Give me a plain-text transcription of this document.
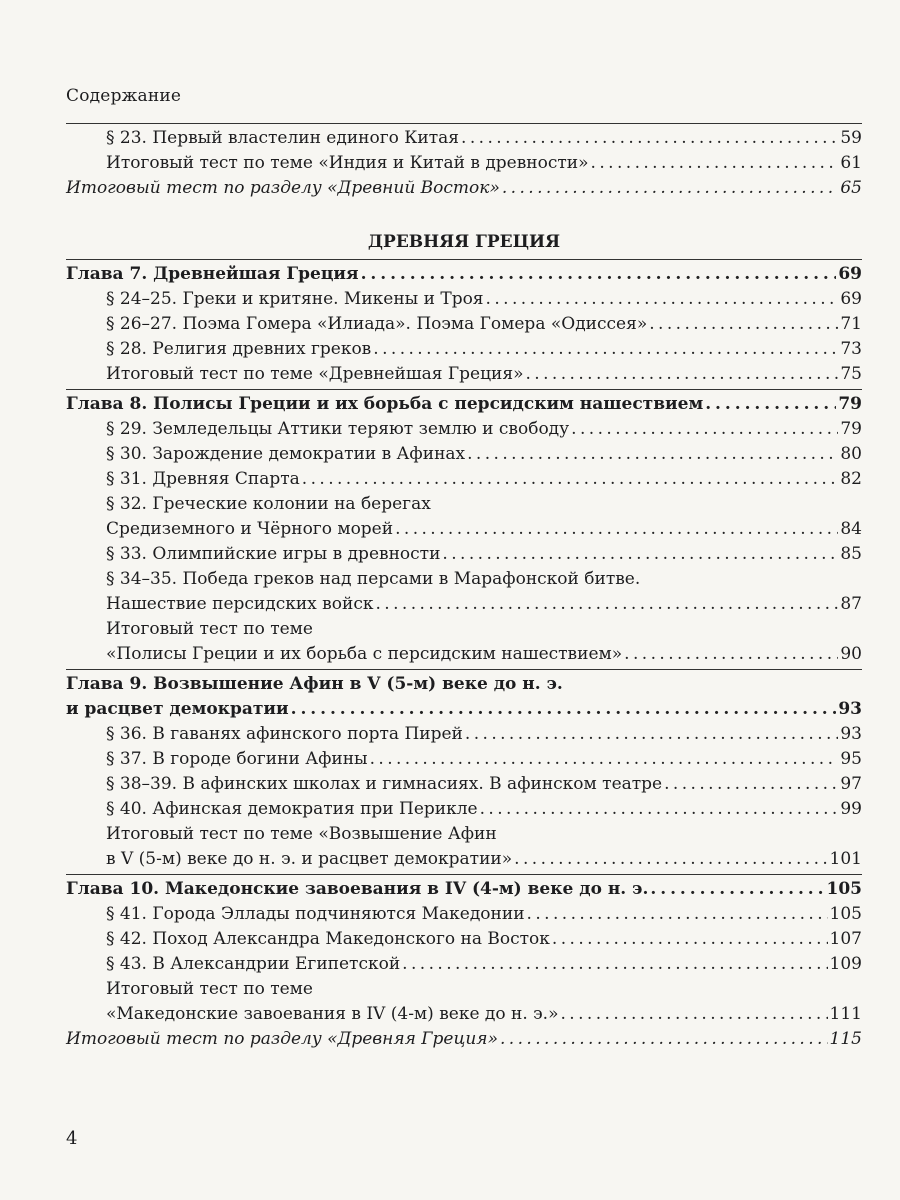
Содержание
§ 23. Первый властелин единого Китая . . .	59
Итоговый тест по теме «Индия и Китай в древности» . . .	61
Итоговый тест по разделу «Древний Восток» . . .	65
ДРЕВНЯЯ ГРЕЦИЯ
Глава 7. Древнейшая Греция . . .	69
§ 24–25. Греки и критяне. Микены и Троя . . .	69
§ 26–27. Поэма Гомера «Илиада». Поэма Гомера «Одиссея» . . .	71
§ 28. Религия древних греков . . .	73
Итоговый тест по теме «Древнейшая Греция» . . .	75
Глава 8. Полисы Греции и их борьба с персидским нашествием . . .	79
§ 29. Земледельцы Аттики теряют землю и свободу . . .	79
§ 30. Зарождение демократии в Афинах . . .	80
§ 31. Древняя Спарта . . .	82
§ 32. Греческие колонии на берегах
Средиземного и Чёрного морей . . .	84
§ 33. Олимпийские игры в древности . . .	85
§ 34–35. Победа греков над персами в Марафонской битве.
Нашествие персидских войск . . .	87
Итоговый тест по теме
«Полисы Греции и их борьба с персидским нашествием» . . .	90
Глава 9. Возвышение Афин в V (5-м) веке до н. э.
и расцвет демократии . . .	93
§ 36. В гаванях афинского порта Пирей . . .	93
§ 37. В городе богини Афины . . .	95
§ 38–39. В афинских школах и гимнасиях. В афинском театре . . .	97
§ 40. Афинская демократия при Перикле . . .	99
Итоговый тест по теме «Возвышение Афин
в V (5-м) веке до н. э. и расцвет демократии» . . .	101
Глава 10. Македонские завоевания в IV (4-м) веке до н. э. . . .	105
§ 41. Города Эллады подчиняются Македонии . . .	105
§ 42. Поход Александра Македонского на Восток . . .	107
§ 43. В Александрии Египетской . . .	109
Итоговый тест по теме
«Македонские завоевания в IV (4-м) веке до н. э.» . . .	111
Итоговый тест по разделу «Древняя Греция» . . .	115
4
